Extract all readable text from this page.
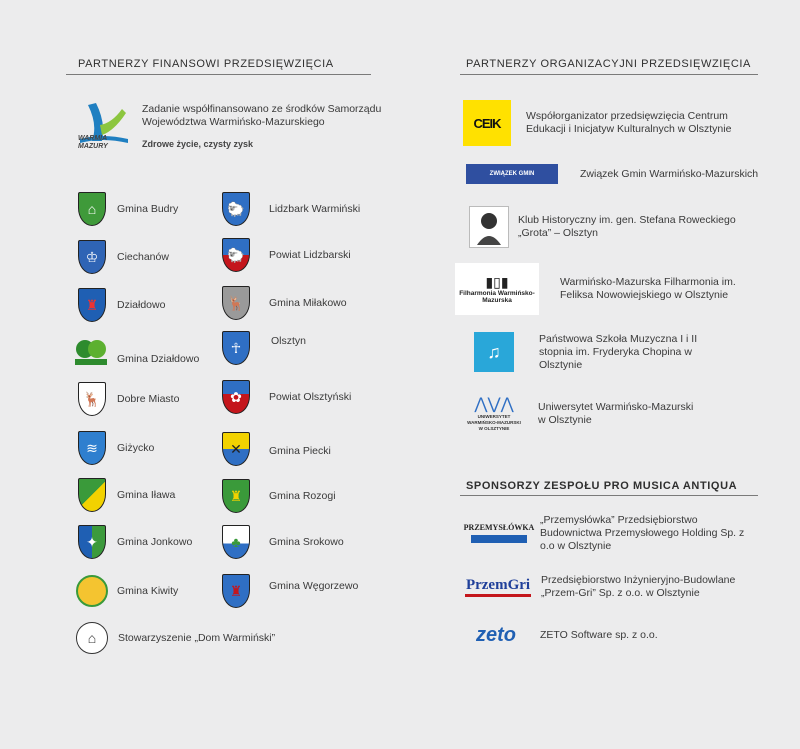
PARTNERZY FINANSOWI PRZEDSIĘWZIĘCIA
WARMIA MAZURY
Zadanie współfinansowano ze środków Samorządu Województwa Warmińsko-Mazurskiego
Zdrowe życie, czysty zysk
⌂	Gmina Budry
♔	Ciechanów
♜ Działdowo
Gmina Działdowo
🦌	Dobre Miasto
≋	Giżycko
Gmina Iława
✦	Gmina Jonkowo
Gmina Kiwity
⌂	Stowarzyszenie „Dom Warmiński”
🐑	Lidzbark Warmiński
🐑	Powiat Lidzbarski
🦌	Gmina Miłakowo
☥	Olsztyn
✿	Powiat Olsztyński
✕	Gmina Piecki
♜	Gmina Rozogi
♣	Gmina Srokowo
♜	Gmina Węgorzewo
PARTNERZY ORGANIZACYJNI PRZEDSIĘWZIĘCIA
CEIK	Współorganizator przedsięwzięcia Centrum Edukacji i Inicjatyw Kulturalnych w Olsztynie
ZWIĄZEK GMIN	Związek Gmin Warmińsko-Mazurskich
Klub Historyczny im. gen. Stefana Roweckiego „Grota” – Olsztyn
▮▯▮
Filharmonia Warmińsko-Mazurska
Warmińsko-Mazurska Filharmonia im. Feliksa Nowowiejskiego w Olsztynie
♫
Państwowa Szkoła Muzyczna I i II stopnia im. Fryderyka Chopina w Olsztynie
⋀⋁⋀
UNIWERSYTET WARMIŃSKO-MAZURSKI W OLSZTYNIE
Uniwersytet Warmińsko-Mazurski w Olsztynie
SPONSORZY ZESPOŁU PRO MUSICA ANTIQUA
PRZEMYSŁÓWKA
„Przemysłówka” Przedsiębiorstwo Budownictwa Przemysłowego Holding Sp. z o.o w Olsztynie
PrzemGri Przedsiębiorstwo Inżynieryjno-Budowlane „Przem-Gri” Sp. z o.o. w Olsztynie
zeto	ZETO Software sp. z o.o.
